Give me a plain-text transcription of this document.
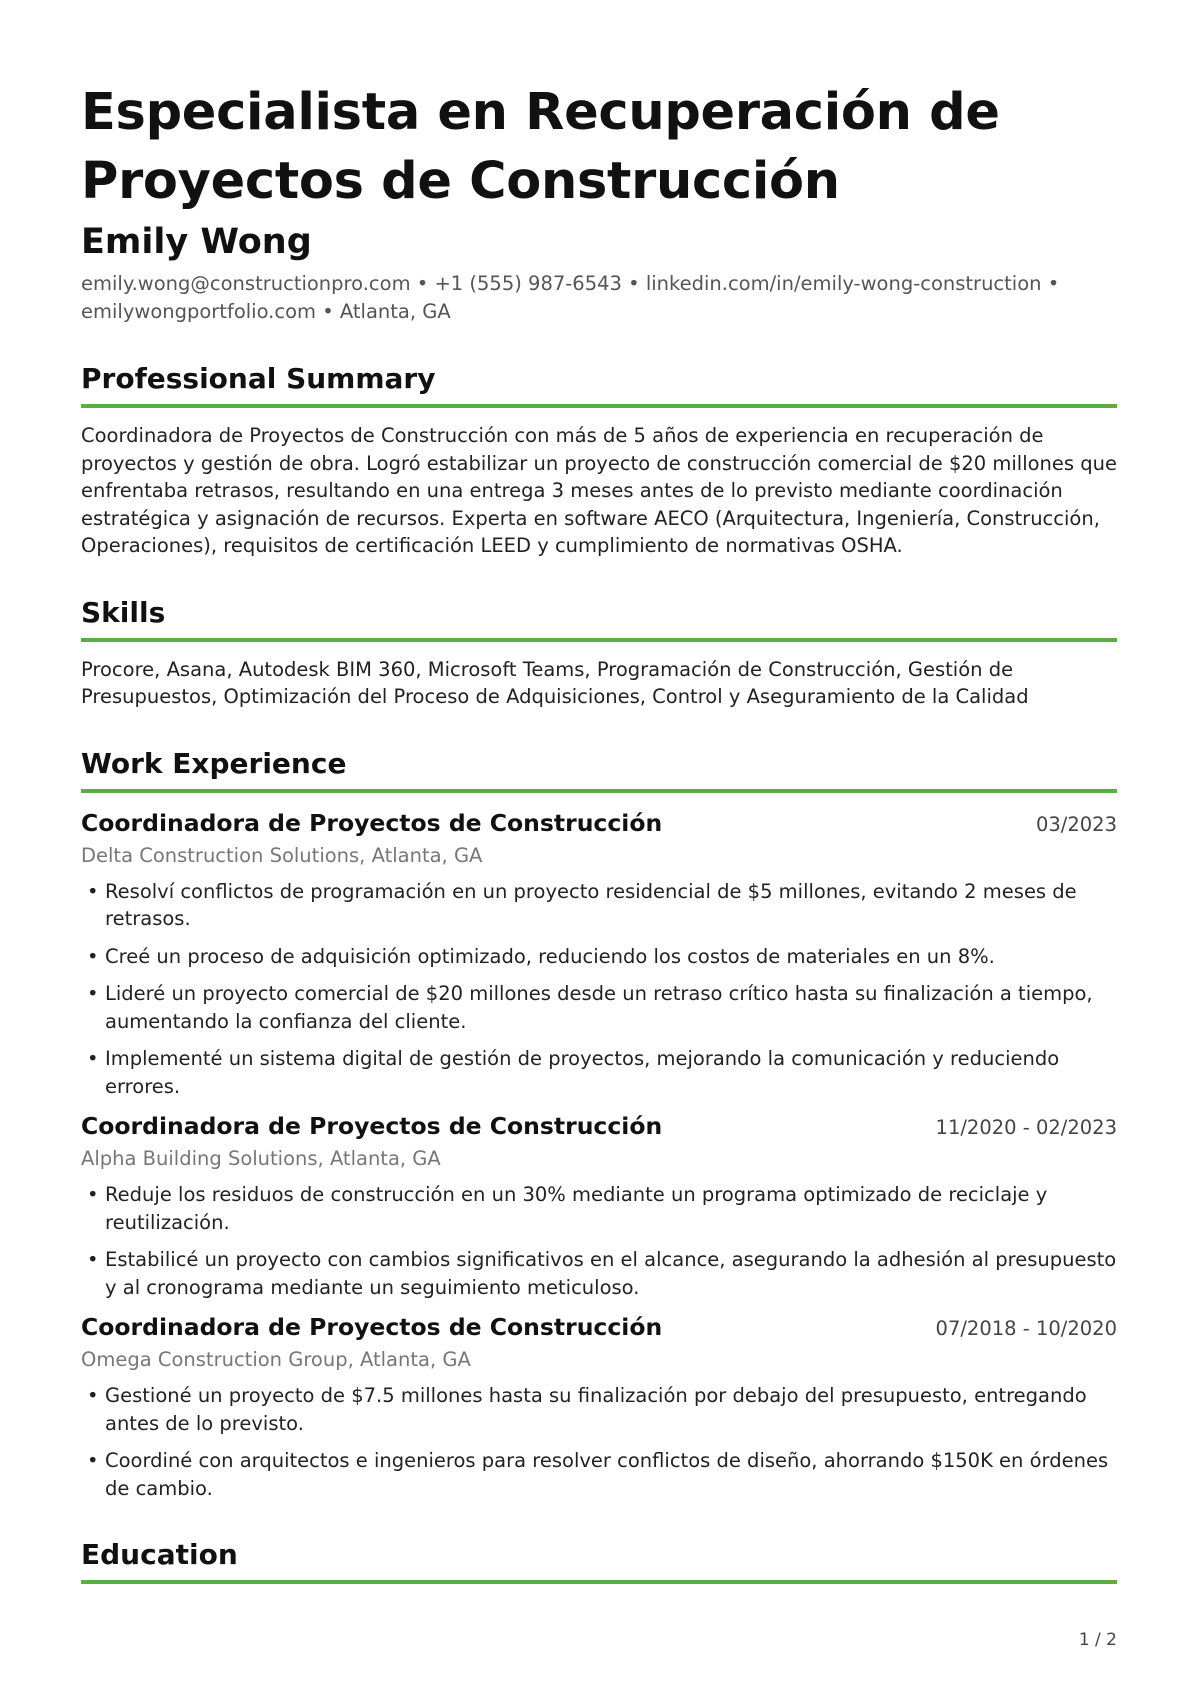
Especialista en Recuperación de
Proyectos de Construcción
Emily Wong
emily.wong@constructionpro.com • +1 (555) 987-6543 • linkedin.com/in/emily-wong-construction •
emilywongportfolio.com • Atlanta, GA
Professional Summary

Coordinadora de Proyectos de Construcción con más de 5 años de experiencia en recuperación de proyectos y gestión de obra. Logró estabilizar un proyecto de construcción comercial de $20 millones que enfrentaba retrasos, resultando en una entrega 3 meses antes de lo previsto mediante coordinación estratégica y asignación de recursos. Experta en software AECO (Arquitectura, Ingeniería, Construcción, Operaciones), requisitos de certificación LEED y cumplimiento de normativas OSHA.

Skills

Procore, Asana, Autodesk BIM 360, Microsoft Teams, Programación de Construcción, Gestión de Presupuestos, Optimización del Proceso de Adquisiciones, Control y Aseguramiento de la Calidad

Work Experience
Coordinadora de Proyectos de Construcción	03/2023
Delta Construction Solutions, Atlanta, GA
• Resolví conflictos de programación en un proyecto residencial de $5 millones, evitando 2 meses de retrasos.
• Creé un proceso de adquisición optimizado, reduciendo los costos de materiales en un 8%.
• Lideré un proyecto comercial de $20 millones desde un retraso crítico hasta su finalización a tiempo, aumentando la confianza del cliente.
• Implementé un sistema digital de gestión de proyectos, mejorando la comunicación y reduciendo errores.
Coordinadora de Proyectos de Construcción	11/2020 - 02/2023
Alpha Building Solutions, Atlanta, GA
• Reduje los residuos de construcción en un 30% mediante un programa optimizado de reciclaje y reutilización.
• Estabilicé un proyecto con cambios significativos en el alcance, asegurando la adhesión al presupuesto y al cronograma mediante un seguimiento meticuloso.
Coordinadora de Proyectos de Construcción	07/2018 - 10/2020
Omega Construction Group, Atlanta, GA
• Gestioné un proyecto de $7.5 millones hasta su finalización por debajo del presupuesto, entregando antes de lo previsto.
• Coordiné con arquitectos e ingenieros para resolver conflictos de diseño, ahorrando $150K en órdenes de cambio.
Education
1 / 2
